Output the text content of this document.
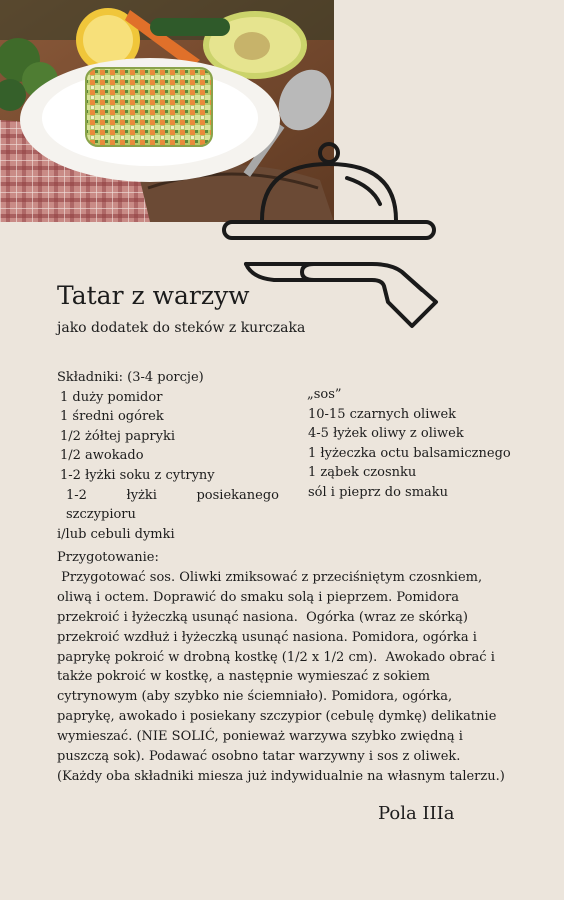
Tatar z warzyw
jako dodatek do steków z kurczaka
Składniki: (3-4 porcje)
1 duży pomidor
1 średni ogórek
1/2 żółtej papryki
1/2 awokado
1-2 łyżki soku z cytryny
1-2 łyżki posiekanego szczypioru
i/lub cebuli dymki
„sos”
10-15 czarnych oliwek
4-5 łyżek oliwy z oliwek
1 łyżeczka octu balsamicznego
1 ząbek czosnku
sól i pieprz do smaku
Przygotowanie:
Przygotować sos. Oliwki zmiksować z przeciśniętym czosnkiem, oliwą i octem. Doprawić do smaku solą i pieprzem. Pomidora przekroić i łyżeczką usunąć nasiona.  Ogórka (wraz ze skórką) przekroić wzdłuż i łyżeczką usunąć nasiona. Pomidora, ogórka i paprykę pokroić w drobną kostkę (1/2 x 1/2 cm).  Awokado obrać i także pokroić w kostkę, a następnie wymieszać z sokiem cytrynowym (aby szybko nie ściemniało). Pomidora, ogórka, paprykę, awokado i posiekany szczypior (cebulę dymkę) delikatnie wymieszać. (NIE SOLIĆ, ponieważ warzywa szybko zwiędną i puszczą sok). Podawać osobno tatar warzywny i sos z oliwek. (Każdy oba składniki miesza już indywidualnie na własnym talerzu.)
Pola IIIa
